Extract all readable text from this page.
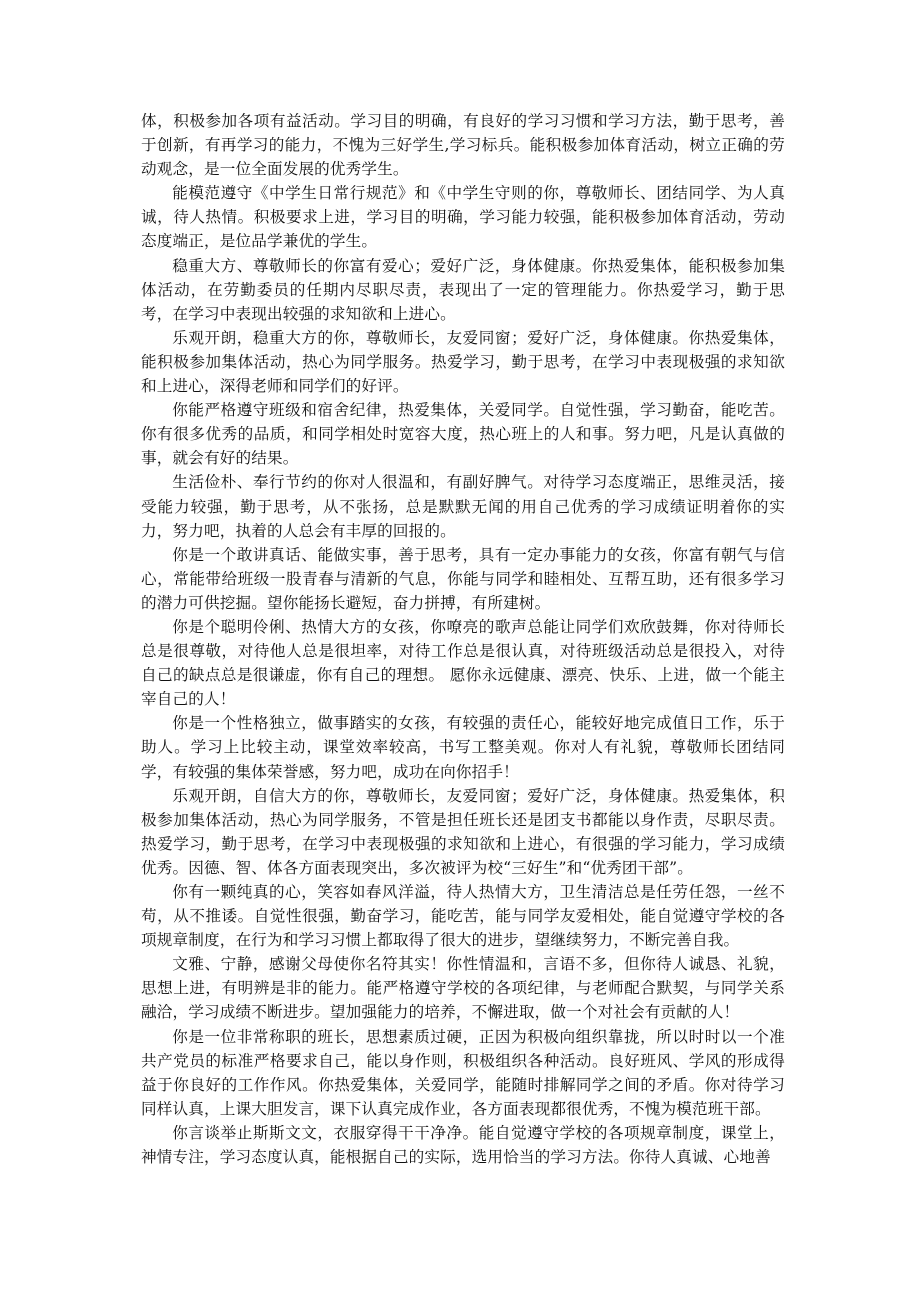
体，积极参加各项有益活动。学习目的明确，有良好的学习习惯和学习方法，勤于思考，善于创新，有再学习的能力，不愧为三好学生,学习标兵。能积极参加体育活动，树立正确的劳动观念，是一位全面发展的优秀学生。

能模范遵守《中学生日常行规范》和《中学生守则的你，尊敬师长、团结同学、为人真诚，待人热情。积极要求上进，学习目的明确，学习能力较强，能积极参加体育活动，劳动态度端正，是位品学兼优的学生。

稳重大方、尊敬师长的你富有爱心；爱好广泛，身体健康。你热爱集体，能积极参加集体活动，在劳勤委员的任期内尽职尽责，表现出了一定的管理能力。你热爱学习，勤于思考，在学习中表现出较强的求知欲和上进心。

乐观开朗，稳重大方的你，尊敬师长，友爱同窗；爱好广泛，身体健康。你热爱集体，能积极参加集体活动，热心为同学服务。热爱学习，勤于思考，在学习中表现极强的求知欲和上进心，深得老师和同学们的好评。

你能严格遵守班级和宿舍纪律，热爱集体，关爱同学。自觉性强，学习勤奋，能吃苦。你有很多优秀的品质，和同学相处时宽容大度，热心班上的人和事。努力吧，凡是认真做的事，就会有好的结果。

生活俭朴、奉行节约的你对人很温和，有副好脾气。对待学习态度端正，思维灵活，接受能力较强，勤于思考，从不张扬，总是默默无闻的用自己优秀的学习成绩证明着你的实力，努力吧，执着的人总会有丰厚的回报的。

你是一个敢讲真话、能做实事，善于思考，具有一定办事能力的女孩，你富有朝气与信心，常能带给班级一股青春与清新的气息，你能与同学和睦相处、互帮互助，还有很多学习的潜力可供挖掘。望你能扬长避短，奋力拼搏，有所建树。

你是个聪明伶俐、热情大方的女孩，你嘹亮的歌声总能让同学们欢欣鼓舞，你对待师长总是很尊敬，对待他人总是很坦率，对待工作总是很认真，对待班级活动总是很投入，对待自己的缺点总是很谦虚，你有自己的理想。 愿你永远健康、漂亮、快乐、上进，做一个能主宰自己的人！

你是一个性格独立，做事踏实的女孩，有较强的责任心，能较好地完成值日工作，乐于助人。学习上比较主动，课堂效率较高，书写工整美观。你对人有礼貌，尊敬师长团结同学，有较强的集体荣誉感，努力吧，成功在向你招手！

乐观开朗，自信大方的你，尊敬师长，友爱同窗；爱好广泛，身体健康。热爱集体，积极参加集体活动，热心为同学服务，不管是担任班长还是团支书都能以身作责，尽职尽责。热爱学习，勤于思考，在学习中表现极强的求知欲和上进心，有很强的学习能力，学习成绩优秀。因德、智、体各方面表现突出，多次被评为校“三好生”和“优秀团干部”。

你有一颗纯真的心，笑容如春风洋溢，待人热情大方，卫生清洁总是任劳任怨，一丝不苟，从不推诿。自觉性很强，勤奋学习，能吃苦，能与同学友爱相处，能自觉遵守学校的各项规章制度，在行为和学习习惯上都取得了很大的进步，望继续努力，不断完善自我。

文雅、宁静，感谢父母使你名符其实！你性情温和，言语不多，但你待人诚恳、礼貌，思想上进，有明辨是非的能力。能严格遵守学校的各项纪律，与老师配合默契，与同学关系融洽，学习成绩不断进步。望加强能力的培养，不懈进取，做一个对社会有贡献的人！

你是一位非常称职的班长，思想素质过硬，正因为积极向组织靠拢，所以时时以一个准共产党员的标准严格要求自己，能以身作则，积极组织各种活动。良好班风、学风的形成得益于你良好的工作作风。你热爱集体，关爱同学，能随时排解同学之间的矛盾。你对待学习同样认真，上课大胆发言，课下认真完成作业，各方面表现都很优秀，不愧为模范班干部。

你言谈举止斯斯文文，衣服穿得干干净净。能自觉遵守学校的各项规章制度，课堂上，神情专注，学习态度认真，能根据自己的实际，选用恰当的学习方法。你待人真诚、心地善
